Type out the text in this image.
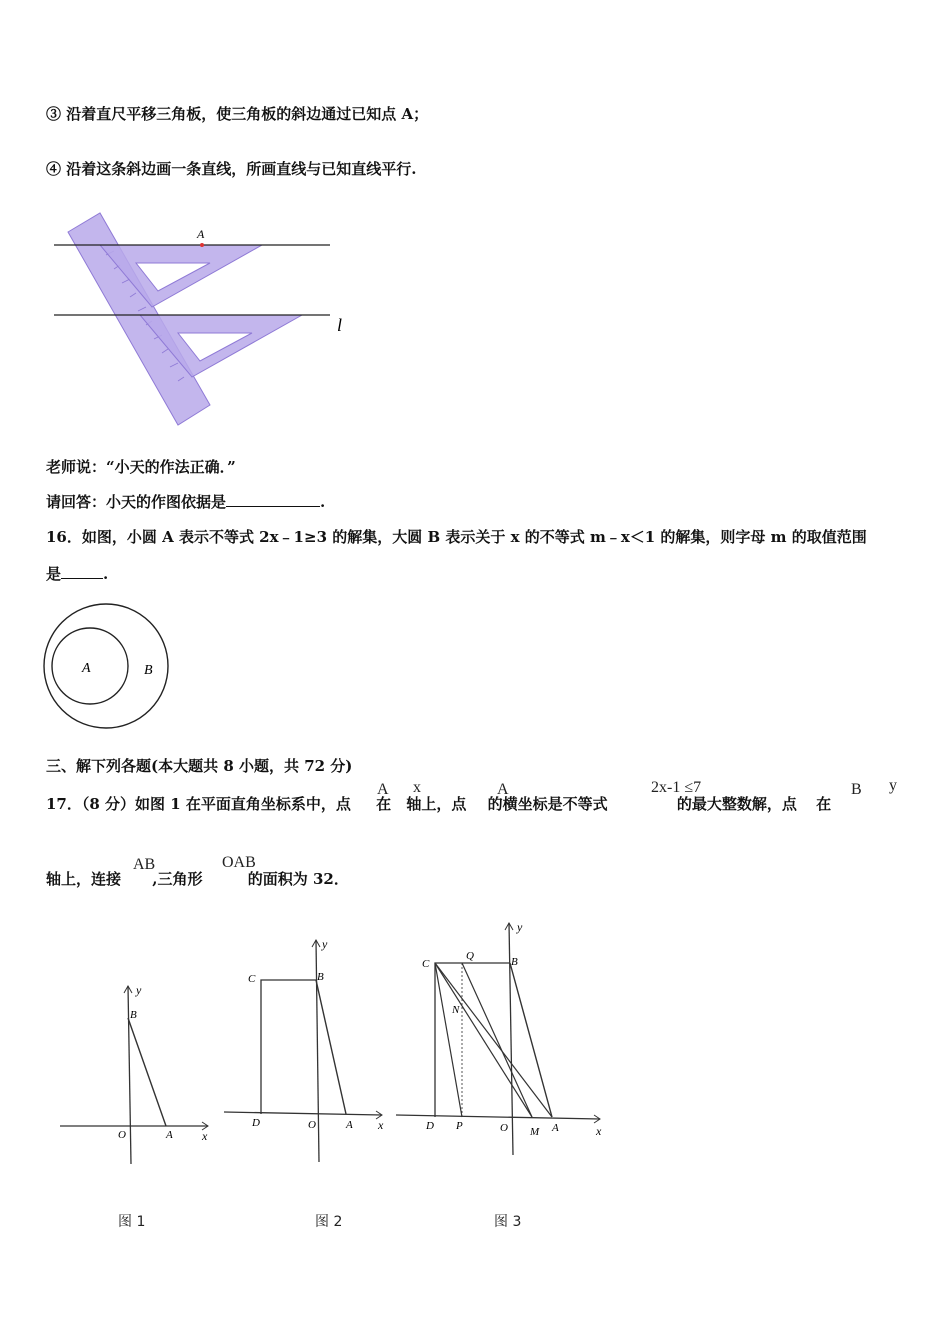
③ 沿着直尺平移三角板，使三角板的斜边通过已知点 A；
④ 沿着这条斜边画一条直线，所画直线与已知直线平行.
A
l
老师说：“小天的作法正确．”
请回答：小天的作图依据是	.
16．如图，小圆 A 表示不等式 2x﹣1≥3 的解集，大圆 B 表示关于 x 的不等式 m﹣x＜1 的解集，则字母 m 的取值范围
是	.
A	B
三、解下列各题(本大题共 8 小题，共 72 分)
17．（8 分）如图 1 在平面直角坐标系中，点 在 轴上，点 的横坐标是不等式	的最大整数解，点 在
A x	A	2x-1 ≤7	B y
轴上，连接 ,三角形	的面积为 32．
AB	OAB
y
B
O	A x
y
C	B
D	O	A x
y
C
Q	B
N
D P	O M A	x
图 1	图 2	图 3
